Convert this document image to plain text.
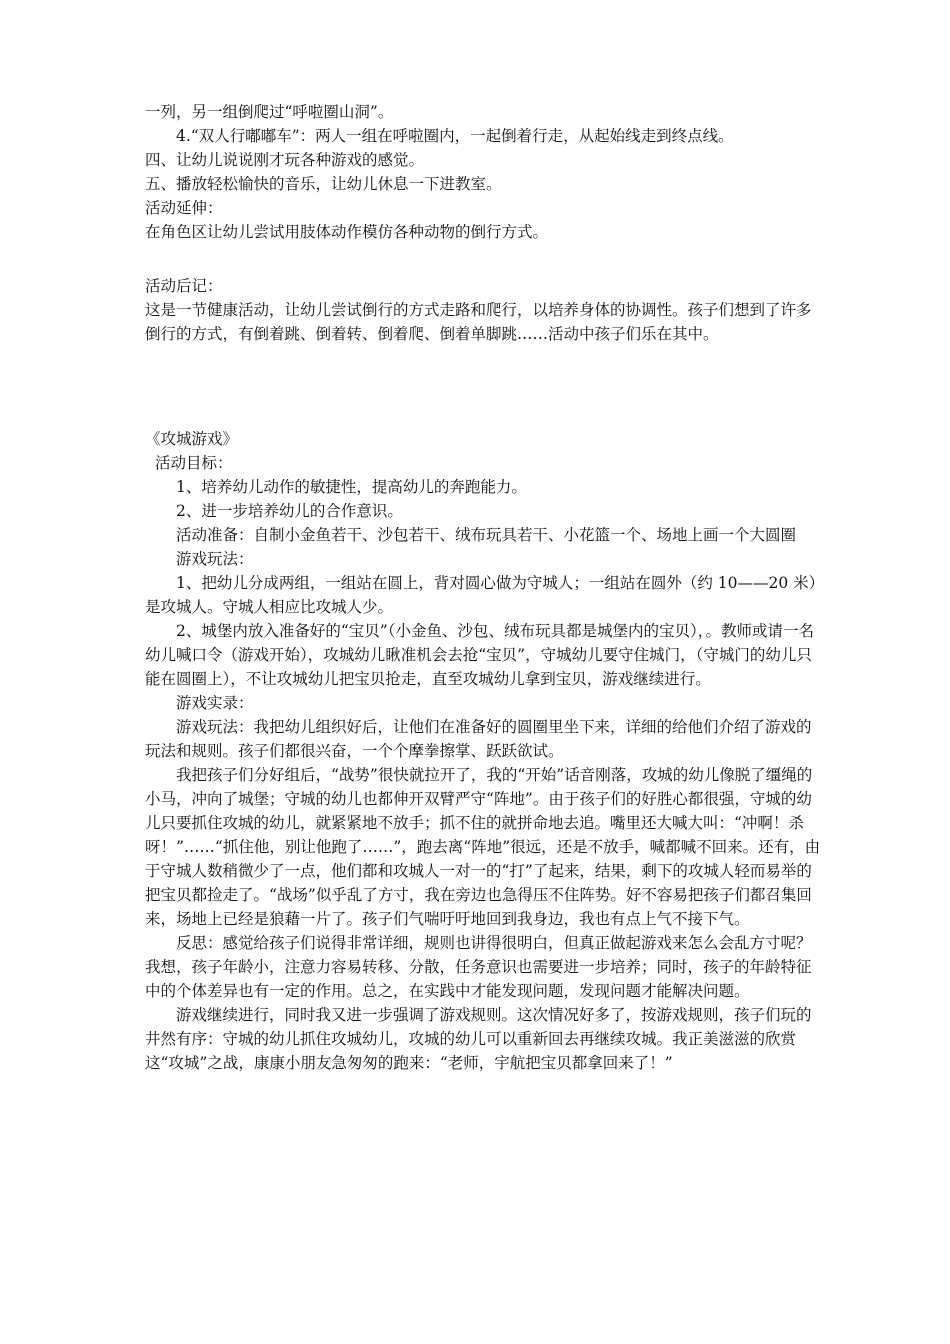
一列，另一组倒爬过“呼啦圈山洞”。

4.“双人行嘟嘟车”：两人一组在呼啦圈内，一起倒着行走，从起始线走到终点线。

四、让幼儿说说刚才玩各种游戏的感觉。

五、播放轻松愉快的音乐，让幼儿休息一下进教室。

活动延伸：

在角色区让幼儿尝试用肢体动作模仿各种动物的倒行方式。

活动后记：

这是一节健康活动，让幼儿尝试倒行的方式走路和爬行，以培养身体的协调性。孩子们想到了许多倒行的方式，有倒着跳、倒着转、倒着爬、倒着单脚跳……活动中孩子们乐在其中。

《攻城游戏》

活动目标：

1、培养幼儿动作的敏捷性，提高幼儿的奔跑能力。

2、进一步培养幼儿的合作意识。

活动准备：自制小金鱼若干、沙包若干、绒布玩具若干、小花篮一个、场地上画一个大圆圈

游戏玩法：

1、把幼儿分成两组，一组站在圆上，背对圆心做为守城人；一组站在圆外（约 10——20 米）是攻城人。守城人相应比攻城人少。

2、城堡内放入准备好的“宝贝”（小金鱼、沙包、绒布玩具都是城堡内的宝贝），。教师或请一名幼儿喊口令（游戏开始），攻城幼儿瞅准机会去抢“宝贝”，守城幼儿要守住城门，（守城门的幼儿只能在圆圈上），不让攻城幼儿把宝贝抢走，直至攻城幼儿拿到宝贝，游戏继续进行。

游戏实录：

游戏玩法：我把幼儿组织好后，让他们在准备好的圆圈里坐下来，详细的给他们介绍了游戏的玩法和规则。孩子们都很兴奋，一个个摩拳擦掌、跃跃欲试。

我把孩子们分好组后，“战势”很快就拉开了，我的“开始”话音刚落，攻城的幼儿像脱了缰绳的小马，冲向了城堡；守城的幼儿也都伸开双臂严守“阵地”。由于孩子们的好胜心都很强，守城的幼儿只要抓住攻城的幼儿，就紧紧地不放手；抓不住的就拼命地去追。嘴里还大喊大叫：“冲啊！杀呀！”……“抓住他，别让他跑了……”，跑去离“阵地”很远，还是不放手，喊都喊不回来。还有，由于守城人数稍微少了一点，他们都和攻城人一对一的“打”了起来，结果，剩下的攻城人轻而易举的把宝贝都捡走了。“战场”似乎乱了方寸，我在旁边也急得压不住阵势。好不容易把孩子们都召集回来，场地上已经是狼藉一片了。孩子们气喘吁吁地回到我身边，我也有点上气不接下气。

反思：感觉给孩子们说得非常详细，规则也讲得很明白，但真正做起游戏来怎么会乱方寸呢？我想，孩子年龄小，注意力容易转移、分散，任务意识也需要进一步培养；同时，孩子的年龄特征中的个体差异也有一定的作用。总之，在实践中才能发现问题，发现问题才能解决问题。

游戏继续进行，同时我又进一步强调了游戏规则。这次情况好多了，按游戏规则，孩子们玩的井然有序：守城的幼儿抓住攻城幼儿，攻城的幼儿可以重新回去再继续攻城。我正美滋滋的欣赏这“攻城”之战，康康小朋友急匆匆的跑来：“老师，宇航把宝贝都拿回来了！”
